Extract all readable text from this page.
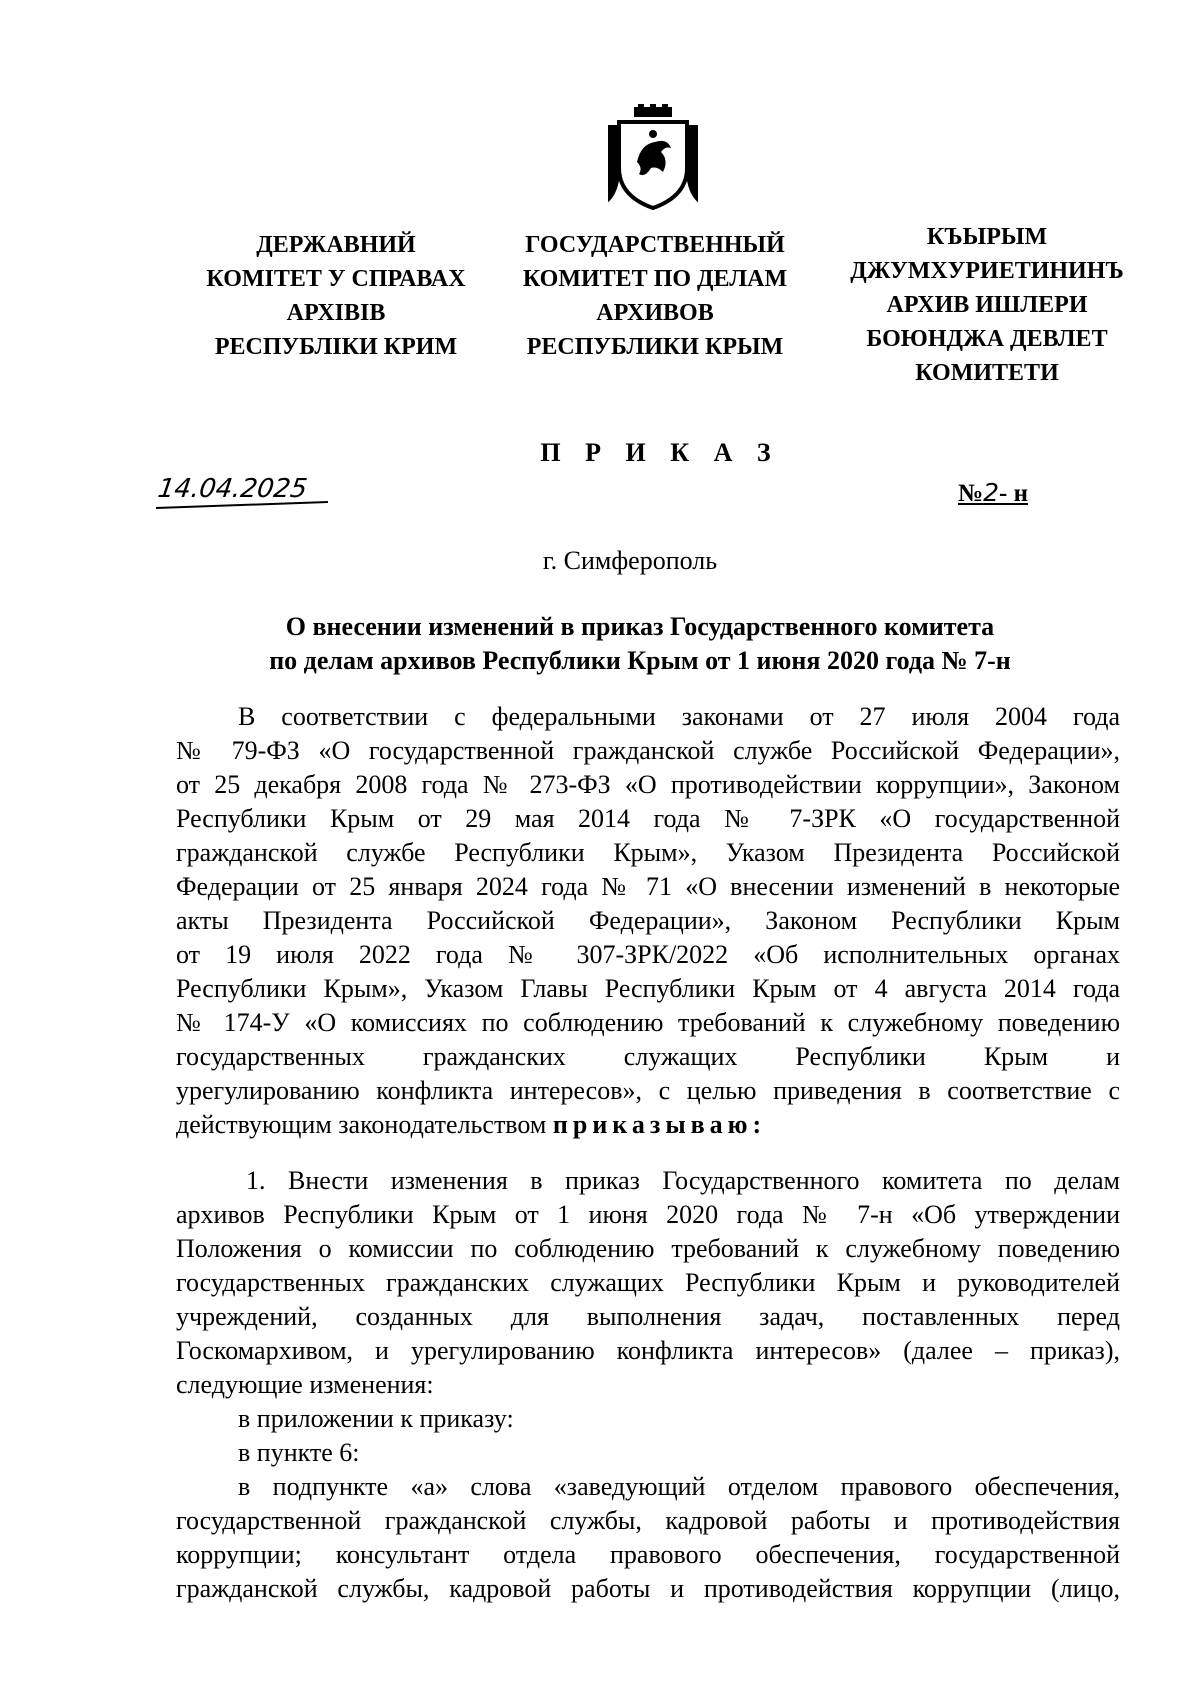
ДЕРЖАВНИЙ
КОМІТЕТ У СПРАВАХ
АРХІВІВ
РЕСПУБЛІКИ КРИМ
ГОСУДАРСТВЕННЫЙ
КОМИТЕТ ПО ДЕЛАМ
АРХИВОВ
РЕСПУБЛИКИ КРЫМ
КЪЫРЫМ
ДЖУМХУРИЕТИНИНЪ
АРХИВ ИШЛЕРИ
БОЮНДЖА ДЕВЛЕТ
КОМИТЕТИ
П Р И К А З
14.04.2025	№2- н
г. Симферополь
О внесении изменений в приказ Государственного комитета
по делам архивов Республики Крым от 1 июня 2020 года № 7-н

В соответствии с федеральными законами от 27 июля 2004 года

№ 79-ФЗ «О государственной гражданской службе Российской Федерации»,

от 25 декабря 2008 года № 273-ФЗ «О противодействии коррупции», Законом

Республики Крым от 29 мая 2014 года № 7-ЗРК «О государственной

гражданской службе Республики Крым», Указом Президента Российской

Федерации от 25 января 2024 года № 71 «О внесении изменений в некоторые

акты Президента Российской Федерации», Законом Республики Крым

от 19 июля 2022 года № 307-ЗРК/2022 «Об исполнительных органах

Республики Крым», Указом Главы Республики Крым от 4 августа 2014 года

№ 174-У «О комиссиях по соблюдению требований к служебному поведению

государственных гражданских служащих Республики Крым и

урегулированию конфликта интересов», с целью приведения в соответствие с

действующим законодательством приказываю:

1. Внести изменения в приказ Государственного комитета по делам

архивов Республики Крым от 1 июня 2020 года № 7-н «Об утверждении

Положения о комиссии по соблюдению требований к служебному поведению

государственных гражданских служащих Республики Крым и руководителей

учреждений, созданных для выполнения задач, поставленных перед

Госкомархивом, и урегулированию конфликта интересов» (далее – приказ),

следующие изменения:

в приложении к приказу:

в пункте 6:

в подпункте «а» слова «заведующий отделом правового обеспечения,

государственной гражданской службы, кадровой работы и противодействия

коррупции; консультант отдела правового обеспечения, государственной

гражданской службы, кадровой работы и противодействия коррупции (лицо,
